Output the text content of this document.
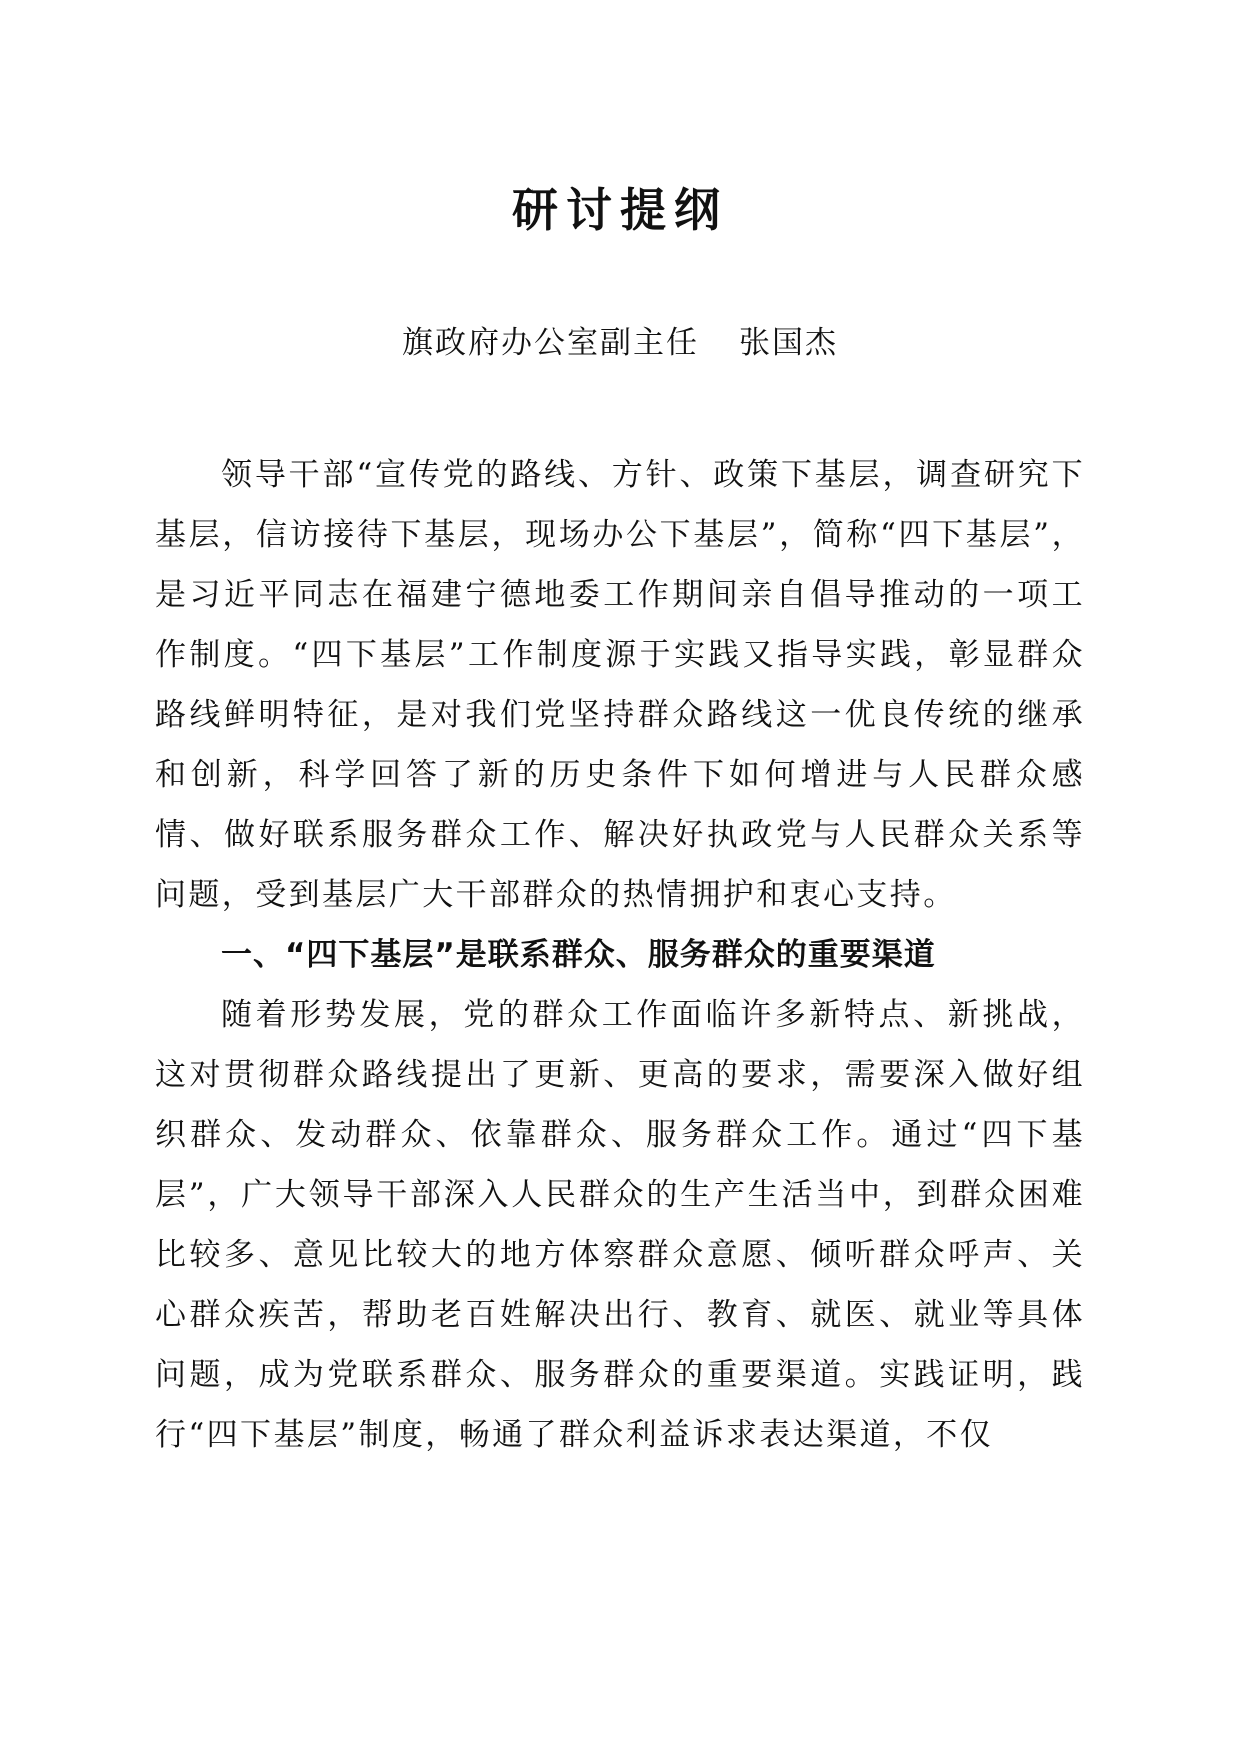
研讨提纲
旗政府办公室副主任 张国杰

领导干部“宣传党的路线、方针、政策下基层，调查研究下基层，信访接待下基层，现场办公下基层”，简称“四下基层”，是习近平同志在福建宁德地委工作期间亲自倡导推动的一项工作制度。“四下基层”工作制度源于实践又指导实践，彰显群众路线鲜明特征，是对我们党坚持群众路线这一优良传统的继承和创新，科学回答了新的历史条件下如何增进与人民群众感情、做好联系服务群众工作、解决好执政党与人民群众关系等问题，受到基层广大干部群众的热情拥护和衷心支持。

一、“四下基层”是联系群众、服务群众的重要渠道

随着形势发展，党的群众工作面临许多新特点、新挑战，这对贯彻群众路线提出了更新、更高的要求，需要深入做好组织群众、发动群众、依靠群众、服务群众工作。通过“四下基层”，广大领导干部深入人民群众的生产生活当中，到群众困难比较多、意见比较大的地方体察群众意愿、倾听群众呼声、关心群众疾苦，帮助老百姓解决出行、教育、就医、就业等具体问题，成为党联系群众、服务群众的重要渠道。实践证明，践行“四下基层”制度，畅通了群众利益诉求表达渠道，不仅
